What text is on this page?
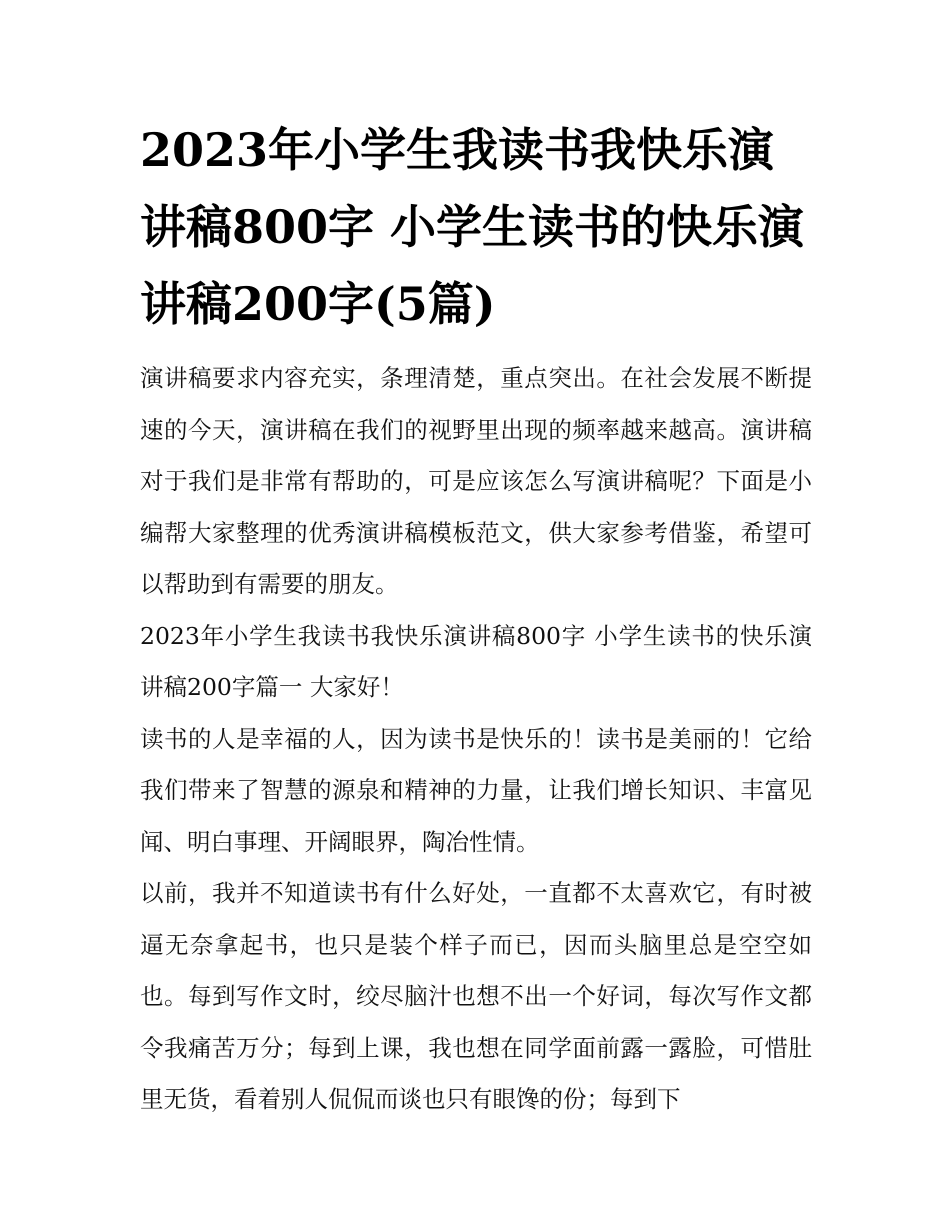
2023年小学生我读书我快乐演讲稿800字 小学生读书的快乐演讲稿200字(5篇)

演讲稿要求内容充实，条理清楚，重点突出。在社会发展不断提速的今天，演讲稿在我们的视野里出现的频率越来越高。演讲稿对于我们是非常有帮助的，可是应该怎么写演讲稿呢？下面是小编帮大家整理的优秀演讲稿模板范文，供大家参考借鉴，希望可以帮助到有需要的朋友。

2023年小学生我读书我快乐演讲稿800字 小学生读书的快乐演讲稿200字篇一 大家好！

读书的人是幸福的人，因为读书是快乐的！读书是美丽的！它给我们带来了智慧的源泉和精神的力量，让我们增长知识、丰富见闻、明白事理、开阔眼界，陶冶性情。

以前，我并不知道读书有什么好处，一直都不太喜欢它，有时被逼无奈拿起书，也只是装个样子而已，因而头脑里总是空空如也。每到写作文时，绞尽脑汁也想不出一个好词，每次写作文都令我痛苦万分；每到上课，我也想在同学面前露一露脸，可惜肚里无货，看着别人侃侃而谈也只有眼馋的份；每到下
